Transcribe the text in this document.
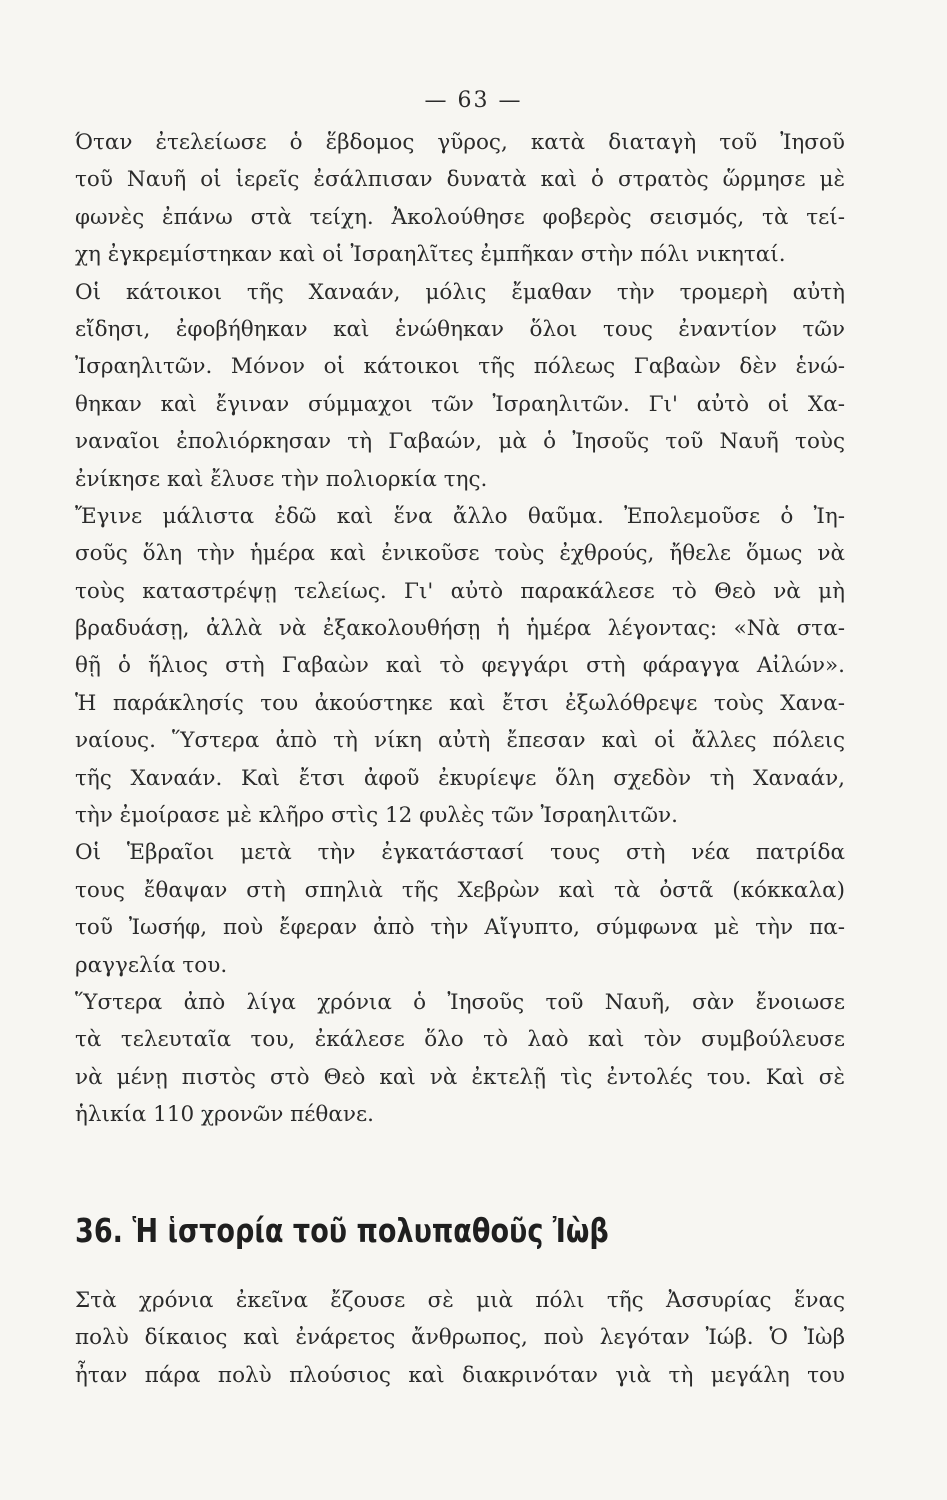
— 63 —
Όταν ἐτελείωσε ὁ ἕβδομος γῦρος, κατὰ διαταγὴ τοῦ Ἰησοῦ
τοῦ Ναυῆ οἱ ἱερεῖς ἐσάλπισαν δυνατὰ καὶ ὁ στρατὸς ὥρμησε μὲ
φωνὲς ἐπάνω στὰ τείχη. Ἀκολούθησε φοβερὸς σεισμός, τὰ τεί-
χη ἐγκρεμίστηκαν καὶ οἱ Ἰσραηλῖτες ἐμπῆκαν στὴν πόλι νικηταί.
Οἱ κάτοικοι τῆς Χαναάν, μόλις ἔμαθαν τὴν τρομερὴ αὐτὴ
εἴδησι, ἐφοβήθηκαν καὶ ἑνώθηκαν ὅλοι τους ἐναντίον τῶν
Ἰσραηλιτῶν. Μόνον οἱ κάτοικοι τῆς πόλεως Γαβαὼν δὲν ἑνώ-
θηκαν καὶ ἔγιναν σύμμαχοι τῶν Ἰσραηλιτῶν. Γι' αὐτὸ οἱ Χα-
ναναῖοι ἐπολιόρκησαν τὴ Γαβαών, μὰ ὁ Ἰησοῦς τοῦ Ναυῆ τοὺς
ἐνίκησε καὶ ἔλυσε τὴν πολιορκία της.
Ἔγινε μάλιστα ἐδῶ καὶ ἕνα ἄλλο θαῦμα. Ἐπολεμοῦσε ὁ Ἰη-
σοῦς ὅλη τὴν ἡμέρα καὶ ἐνικοῦσε τοὺς ἐχθρούς, ἤθελε ὅμως νὰ
τοὺς καταστρέψῃ τελείως. Γι' αὐτὸ παρακάλεσε τὸ Θεὸ νὰ μὴ
βραδυάσῃ, ἀλλὰ νὰ ἐξακολουθήσῃ ἡ ἡμέρα λέγοντας: «Νὰ στα-
θῇ ὁ ἥλιος στὴ Γαβαὼν καὶ τὸ φεγγάρι στὴ φάραγγα Αἰλών».
Ἡ παράκλησίς του ἀκούστηκε καὶ ἔτσι ἐξωλόθρεψε τοὺς Χανα-
ναίους. Ὕστερα ἀπὸ τὴ νίκη αὐτὴ ἔπεσαν καὶ οἱ ἄλλες πόλεις
τῆς Χαναάν. Καὶ ἔτσι ἀφοῦ ἐκυρίεψε ὅλη σχεδὸν τὴ Χαναάν,
τὴν ἐμοίρασε μὲ κλῆρο στὶς 12 φυλὲς τῶν Ἰσραηλιτῶν.
Οἱ Ἑβραῖοι μετὰ τὴν ἐγκατάστασί τους στὴ νέα πατρίδα
τους ἔθαψαν στὴ σπηλιὰ τῆς Χεβρὼν καὶ τὰ ὀστᾶ (κόκκαλα)
τοῦ Ἰωσήφ, ποὺ ἔφεραν ἀπὸ τὴν Αἴγυπτο, σύμφωνα μὲ τὴν πα-
ραγγελία του.
Ὕστερα ἀπὸ λίγα χρόνια ὁ Ἰησοῦς τοῦ Ναυῆ, σὰν ἔνοιωσε
τὰ τελευταῖα του, ἐκάλεσε ὅλο τὸ λαὸ καὶ τὸν συμβούλευσε
νὰ μένῃ πιστὸς στὸ Θεὸ καὶ νὰ ἐκτελῇ τὶς ἐντολές του. Καὶ σὲ
ἡλικία 110 χρονῶν πέθανε.
36. Ἡ ἱστορία τοῦ πολυπαθοῦς Ἰὼβ
Στὰ χρόνια ἐκεῖνα ἔζουσε σὲ μιὰ πόλι τῆς Ἀσσυρίας ἕνας
πολὺ δίκαιος καὶ ἐνάρετος ἄνθρωπος, ποὺ λεγόταν Ἰώβ. Ὁ Ἰὼβ
ἦταν πάρα πολὺ πλούσιος καὶ διακρινόταν γιὰ τὴ μεγάλη του
